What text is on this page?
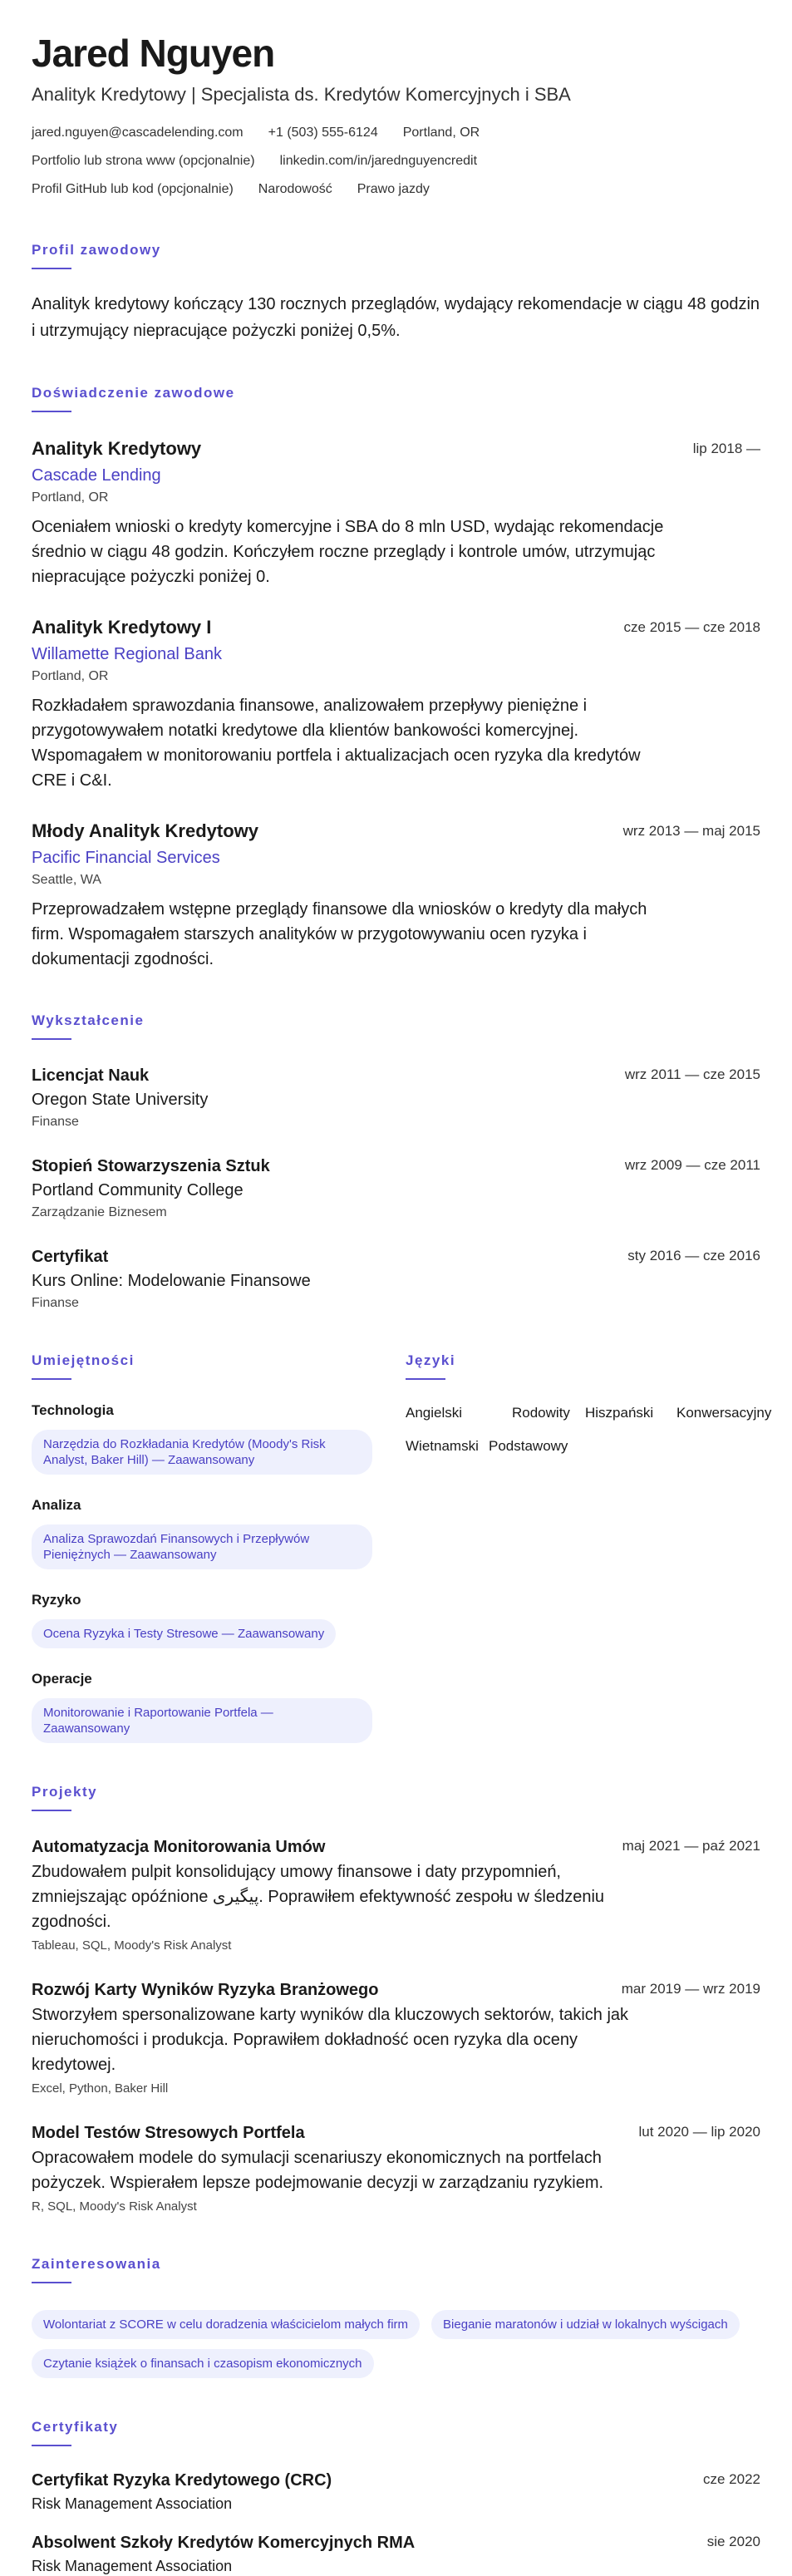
Jared Nguyen
Analityk Kredytowy | Specjalista ds. Kredytów Komercyjnych i SBA
jared.nguyen@cascadelending.com +1 (503) 555-6124 Portland, OR
Portfolio lub strona www (opcjonalnie) linkedin.com/in/jarednguyencredit
Profil GitHub lub kod (opcjonalnie) Narodowość Prawo jazdy
Profil zawodowy
Analityk kredytowy kończący 130 rocznych przeglądów, wydający rekomendacje w ciągu 48 godzin i utrzymujący niepracujące pożyczki poniżej 0,5%.
Doświadczenie zawodowe
Analityk Kredytowy	lip 2018 —
Cascade Lending
Portland, OR
Oceniałem wnioski o kredyty komercyjne i SBA do 8 mln USD, wydając rekomendacje średnio w ciągu 48 godzin. Kończyłem roczne przeglądy i kontrole umów, utrzymując niepracujące pożyczki poniżej 0.
Analityk Kredytowy I	cze 2015 — cze 2018
Willamette Regional Bank
Portland, OR
Rozkładałem sprawozdania finansowe, analizowałem przepływy pieniężne i przygotowywałem notatki kredytowe dla klientów bankowości komercyjnej. Wspomagałem w monitorowaniu portfela i aktualizacjach ocen ryzyka dla kredytów CRE i C&I.
Młody Analityk Kredytowy	wrz 2013 — maj 2015
Pacific Financial Services
Seattle, WA
Przeprowadzałem wstępne przeglądy finansowe dla wniosków o kredyty dla małych firm. Wspomagałem starszych analityków w przygotowywaniu ocen ryzyka i dokumentacji zgodności.
Wykształcenie
Licencjat Nauk	wrz 2011 — cze 2015
Oregon State University
Finanse
Stopień Stowarzyszenia Sztuk	wrz 2009 — cze 2011
Portland Community College
Zarządzanie Biznesem
Certyfikat	sty 2016 — cze 2016
Kurs Online: Modelowanie Finansowe
Finanse
Umiejętności
Technologia
Narzędzia do Rozkładania Kredytów (Moody's Risk Analyst, Baker Hill) — Zaawansowany
Analiza
Analiza Sprawozdań Finansowych i Przepływów Pieniężnych — Zaawansowany
Ryzyko
Ocena Ryzyka i Testy Stresowe — Zaawansowany
Operacje
Monitorowanie i Raportowanie Portfela — Zaawansowany
Języki
Angielski	Rodowity	Hiszpański	Konwersacyjny
Wietnamski Podstawowy
Projekty
Automatyzacja Monitorowania Umów	maj 2021 — paź 2021
Zbudowałem pulpit konsolidujący umowy finansowe i daty przypomnień, zmniejszając opóźnione پیگیری. Poprawiłem efektywność zespołu w śledzeniu zgodności.
Tableau, SQL, Moody's Risk Analyst
Rozwój Karty Wyników Ryzyka Branżowego	mar 2019 — wrz 2019
Stworzyłem spersonalizowane karty wyników dla kluczowych sektorów, takich jak nieruchomości i produkcja. Poprawiłem dokładność ocen ryzyka dla oceny kredytowej.
Excel, Python, Baker Hill
Model Testów Stresowych Portfela	lut 2020 — lip 2020
Opracowałem modele do symulacji scenariuszy ekonomicznych na portfelach pożyczek. Wspierałem lepsze podejmowanie decyzji w zarządzaniu ryzykiem.
R, SQL, Moody's Risk Analyst
Zainteresowania
Wolontariat z SCORE w celu doradzenia właścicielom małych firm	Bieganie maratonów i udział w lokalnych wyścigach
Czytanie książek o finansach i czasopism ekonomicznych
Certyfikaty
Certyfikat Ryzyka Kredytowego (CRC)	cze 2022
Risk Management Association
Absolwent Szkoły Kredytów Komercyjnych RMA	sie 2020
Risk Management Association
